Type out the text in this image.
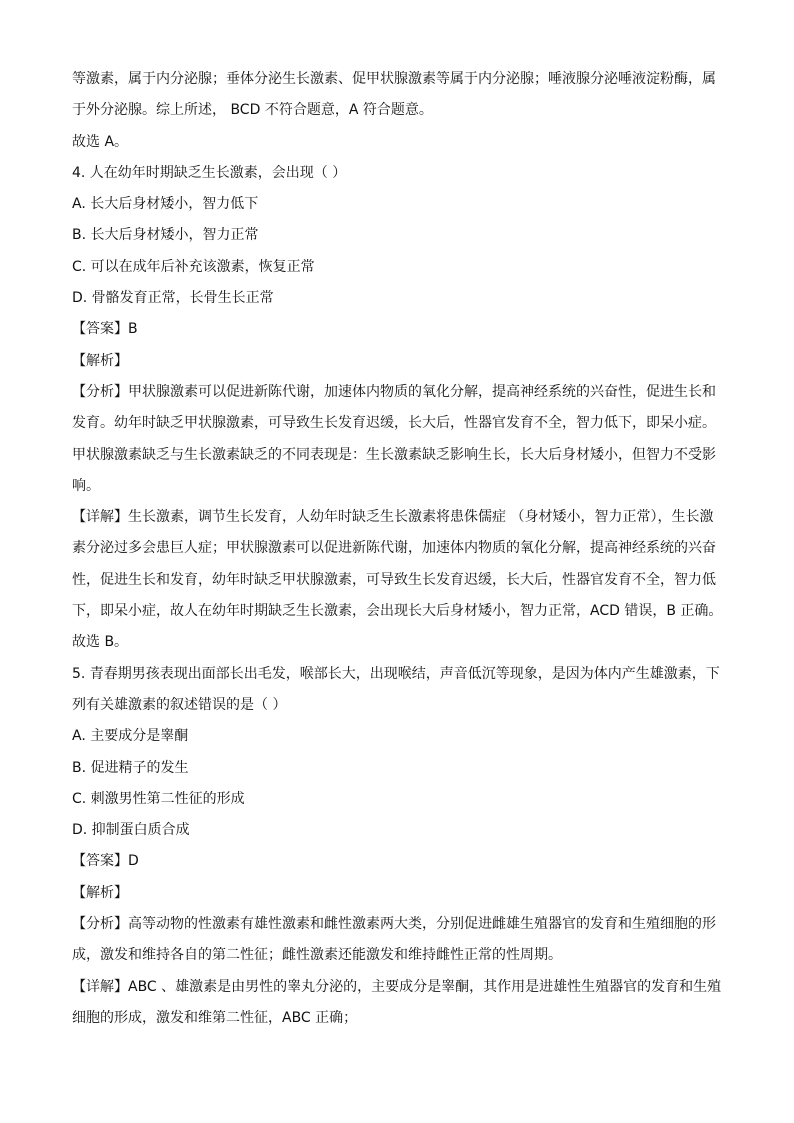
等激素，属于内分泌腺；垂体分泌生长激素、促甲状腺激素等属于内分泌腺；唾液腺分泌唾液淀粉酶，属
于外分泌腺。综上所述， BCD 不符合题意，A 符合题意。
故选 A。
4. 人在幼年时期缺乏生长激素，会出现（ ）
A. 长大后身材矮小，智力低下
B. 长大后身材矮小，智力正常
C. 可以在成年后补充该激素，恢复正常
D. 骨骼发育正常，长骨生长正常
【答案】B
【解析】
【分析】甲状腺激素可以促进新陈代谢，加速体内物质的氧化分解，提高神经系统的兴奋性，促进生长和
发育。幼年时缺乏甲状腺激素，可导致生长发育迟缓，长大后，性器官发育不全，智力低下，即呆小症。
甲状腺激素缺乏与生长激素缺乏的不同表现是：生长激素缺乏影响生长，长大后身材矮小，但智力不受影
响。
【详解】生长激素，调节生长发育，人幼年时缺乏生长激素将患侏儒症 （身材矮小，智力正常），生长激
素分泌过多会患巨人症；甲状腺激素可以促进新陈代谢，加速体内物质的氧化分解，提高神经系统的兴奋
性，促进生长和发育，幼年时缺乏甲状腺激素，可导致生长发育迟缓，长大后，性器官发育不全，智力低
下，即呆小症，故人在幼年时期缺乏生长激素，会出现长大后身材矮小，智力正常，ACD 错误，B 正确。
故选 B。
5. 青春期男孩表现出面部长出毛发，喉部长大，出现喉结，声音低沉等现象，是因为体内产生雄激素，下
列有关雄激素的叙述错误的是（ ）
A. 主要成分是睾酮
B. 促进精子的发生
C. 刺激男性第二性征的形成
D. 抑制蛋白质合成
【答案】D
【解析】
【分析】高等动物的性激素有雄性激素和雌性激素两大类，分别促进雌雄生殖器官的发育和生殖细胞的形
成，激发和维持各自的第二性征；雌性激素还能激发和维持雌性正常的性周期。
【详解】ABC 、雄激素是由男性的睾丸分泌的，主要成分是睾酮，其作用是进雄性生殖器官的发育和生殖
细胞的形成，激发和维第二性征，ABC 正确；
